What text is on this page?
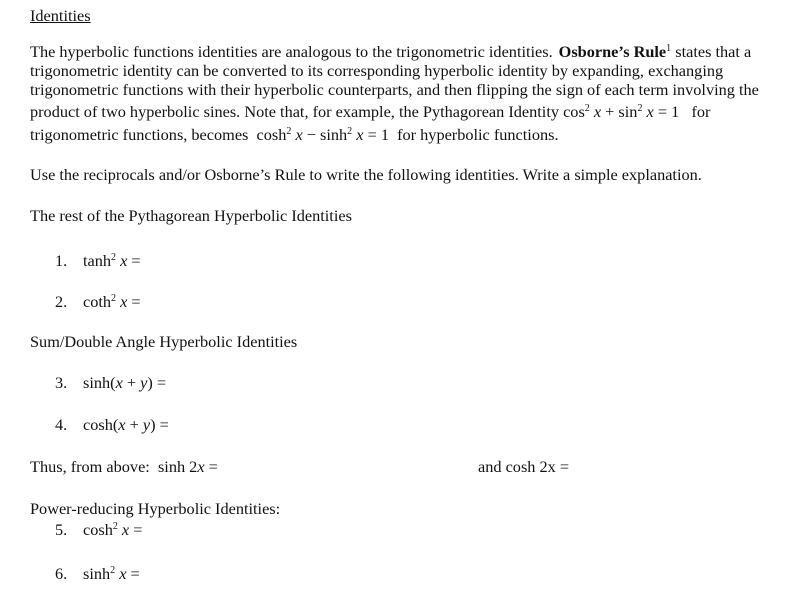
Identities
The hyperbolic functions identities are analogous to the trigonometric identities. Osborne’s Rule$^1$ states that a
trigonometric identity can be converted to its corresponding hyperbolic identity by expanding, exchanging
trigonometric functions with their hyperbolic counterparts, and then flipping the sign of each term involving the
product of two hyperbolic sines. Note that, for example, the Pythagorean Identity $\cos^2 x + \sin^2 x = 1$ for
trigonometric functions, becomes $\cosh^2 x - \sinh^2 x = 1$ for hyperbolic functions.
Use the reciprocals and/or Osborne’s Rule to write the following identities. Write a simple explanation.
The rest of the Pythagorean Hyperbolic Identities
1. $\tanh^2 x$ =
2. coth$^2$ x =
Sum/Double Angle Hyperbolic Identities
3. sinh(x + y) =
4. cosh(x + y) =
Thus, from above: sinh 2x =	and cosh 2x =
Power-reducing Hyperbolic Identities:
5. $\cosh^2 x$ =
6. $\sinh^2 x$ =
